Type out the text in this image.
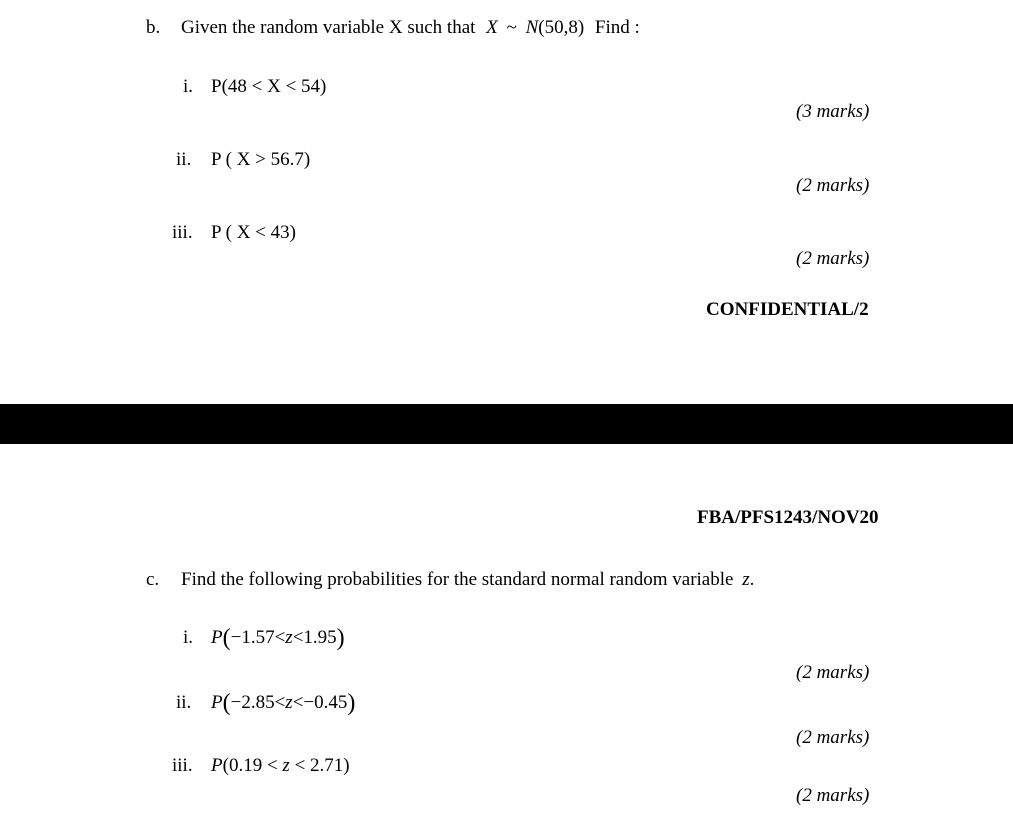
b. Given the random variable X such that X ~ N(50,8) Find :
i. P(48 < X < 54)
(3 marks)
ii. P ( X > 56.7)
(2 marks)
iii. P ( X < 43)
(2 marks)
CONFIDENTIAL/2
FBA/PFS1243/NOV20
c. Find the following probabilities for the standard normal random variable z.
i. P(−1.57<z<1.95)
(2 marks)
ii. P(−2.85<z<−0.45)
(2 marks)
iii. P(0.19 < z < 2.71)
(2 marks)
